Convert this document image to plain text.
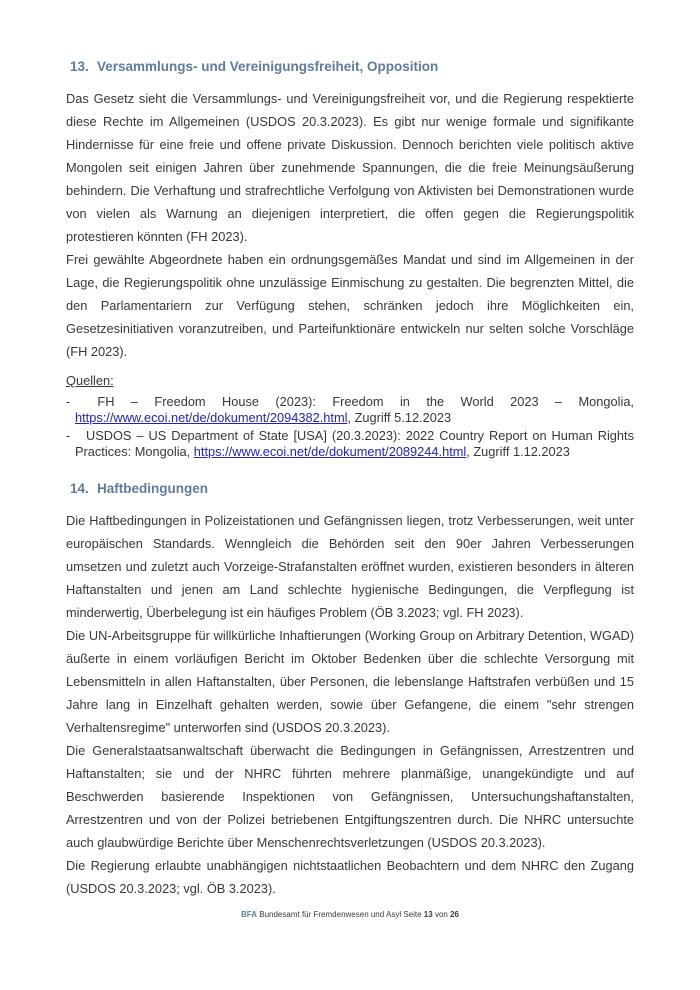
13. Versammlungs- und Vereinigungsfreiheit, Opposition

Das Gesetz sieht die Versammlungs- und Vereinigungsfreiheit vor, und die Regierung respektierte diese Rechte im Allgemeinen (USDOS 20.3.2023). Es gibt nur wenige formale und signifikante Hindernisse für eine freie und offene private Diskussion. Dennoch berichten viele politisch aktive Mongolen seit einigen Jahren über zunehmende Spannungen, die die freie Meinungsäußerung behindern. Die Verhaftung und strafrechtliche Verfolgung von Aktivisten bei Demonstrationen wurde von vielen als Warnung an diejenigen interpretiert, die offen gegen die Regierungspolitik protestieren könnten (FH 2023).

Frei gewählte Abgeordnete haben ein ordnungsgemäßes Mandat und sind im Allgemeinen in der Lage, die Regierungspolitik ohne unzulässige Einmischung zu gestalten. Die begrenzten Mittel, die den Parlamentariern zur Verfügung stehen, schränken jedoch ihre Möglichkeiten ein, Gesetzesinitiativen voranzutreiben, und Parteifunktionäre entwickeln nur selten solche Vorschläge (FH 2023).

Quellen:
- FH – Freedom House (2023): Freedom in the World 2023 – Mongolia, https://www.ecoi.net/de/dokument/2094382.html, Zugriff 5.12.2023
- USDOS – US Department of State [USA] (20.3.2023): 2022 Country Report on Human Rights Practices: Mongolia, https://www.ecoi.net/de/dokument/2089244.html, Zugriff 1.12.2023
14. Haftbedingungen

Die Haftbedingungen in Polizeistationen und Gefängnissen liegen, trotz Verbesserungen, weit unter europäischen Standards. Wenngleich die Behörden seit den 90er Jahren Verbesserungen umsetzen und zuletzt auch Vorzeige-Strafanstalten eröffnet wurden, existieren besonders in älteren Haftanstalten und jenen am Land schlechte hygienische Bedingungen, die Verpflegung ist minderwertig, Überbelegung ist ein häufiges Problem (ÖB 3.2023; vgl. FH 2023).

Die UN-Arbeitsgruppe für willkürliche Inhaftierungen (Working Group on Arbitrary Detention, WGAD) äußerte in einem vorläufigen Bericht im Oktober Bedenken über die schlechte Versorgung mit Lebensmitteln in allen Haftanstalten, über Personen, die lebenslange Haftstrafen verbüßen und 15 Jahre lang in Einzelhaft gehalten werden, sowie über Gefangene, die einem "sehr strengen Verhaltensregime" unterworfen sind (USDOS 20.3.2023).

Die Generalstaatsanwaltschaft überwacht die Bedingungen in Gefängnissen, Arrestzentren und Haftanstalten; sie und der NHRC führten mehrere planmäßige, unangekündigte und auf Beschwerden basierende Inspektionen von Gefängnissen, Untersuchungshaftanstalten, Arrestzentren und von der Polizei betriebenen Entgiftungszentren durch. Die NHRC untersuchte auch glaubwürdige Berichte über Menschenrechtsverletzungen (USDOS 20.3.2023).

Die Regierung erlaubte unabhängigen nichtstaatlichen Beobachtern und dem NHRC den Zugang (USDOS 20.3.2023; vgl. ÖB 3.2023).

BFA Bundesamt für Fremdenwesen und Asyl Seite 13 von 26
